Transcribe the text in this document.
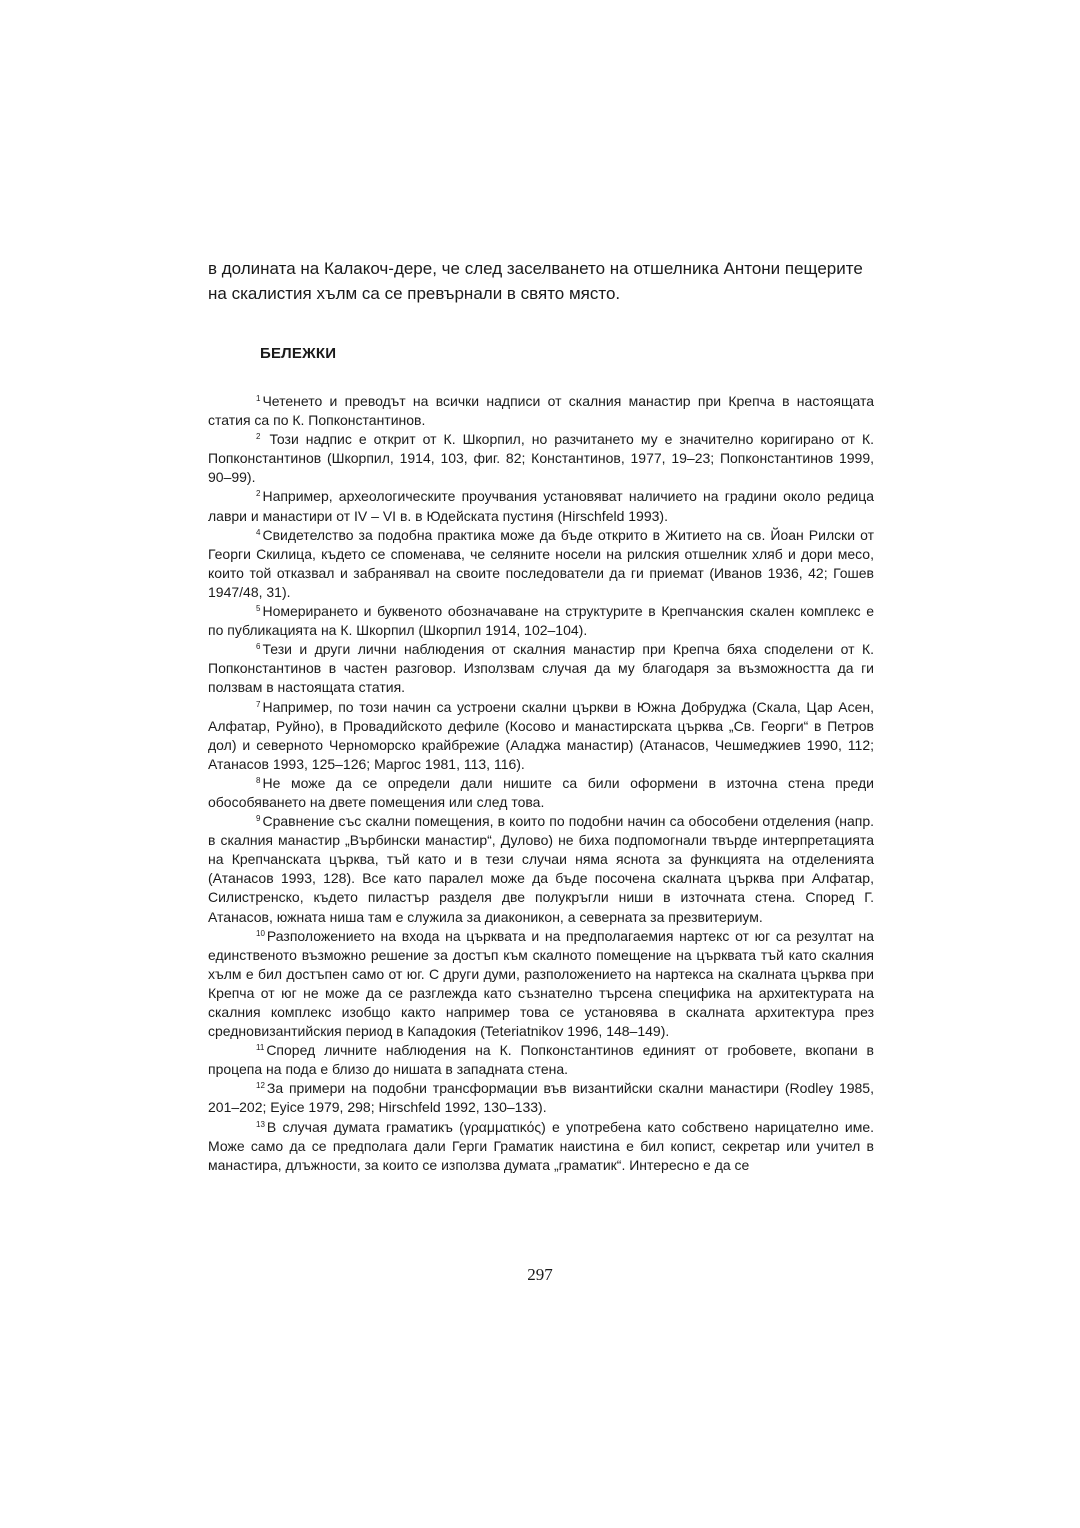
в долината на Калакоч-дере, че след заселването на отшелника Антони пещерите на скалистия хълм са се превърнали в свято място.

БЕЛЕЖКИ

$^1$ Четенето и преводът на всички надписи от скалния манастир при Крепча в настоящата статия са по К. Попконстантинов.

$^2$ Този надпис е открит от К. Шкорпил, но разчитането му е значително коригирано от К. Попконстантинов (Шкорпил, 1914, 103, фиг. 82; Константинов, 1977, 19–23; Попконстантинов 1999, 90–99).

$^2$ Например, археологическите проучвания установяват наличието на градини около редица лаври и манастири от IV – VI в. в Юдейската пустиня (Hirschfeld 1993).

$^4$ Свидетелство за подобна практика може да бъде открито в Житието на св. Йоан Рилски от Георги Скилица, където се споменава, че селяните носели на рилския отшелник хляб и дори месо, които той отказвал и забранявал на своите последователи да ги приемат (Иванов 1936, 42; Гошев 1947/48, 31).

$^5$ Номерирането и буквеното обозначаване на структурите в Крепчанския скален комплекс е по публикацията на К. Шкорпил (Шкорпил 1914, 102–104).

$^6$ Тези и други лични наблюдения от скалния манастир при Крепча бяха споделени от К. Попконстантинов в частен разговор. Използвам случая да му благодаря за възможността да ги ползвам в настоящата статия.

$^7$ Например, по този начин са устроени скални църкви в Южна Добруджа (Скала, Цар Асен, Алфатар, Руйно), в Провадийското дефиле (Косово и манастирската църква „Св. Георги“ в Петров дол) и северното Черноморско крайбрежие (Аладжа манастир) (Атанасов, Чешмеджиев 1990, 112; Атанасов 1993, 125–126; Маргос 1981, 113, 116).

$^8$ Не може да се определи дали нишите са били оформени в източна стена преди обособяването на двете помещения или след това.

$^9$ Сравнение със скални помещения, в които по подобни начин са обособени отделения (напр. в скалния манастир „Върбински манастир“, Дулово) не биха подпомогнали твърде интерпретацията на Крепчанската църква, тъй като и в тези случаи няма яснота за функцията на отделенията (Атанасов 1993, 128). Все като паралел може да бъде посочена скалната църква при Алфатар, Силистренско, където пиластър разделя две полукръгли ниши в източната стена. Според Г. Атанасов, южната ниша там е служила за диаконикон, а северната за презвитериум.

$^{10}$ Разположението на входа на църквата и на предполагаемия нартекс от юг са резултат на единственото възможно решение за достъп към скалното помещение на църквата тъй като скалния хълм е бил достъпен само от юг. С други думи, разположението на нартекса на скалната църква при Крепча от юг не може да се разглежда като съзнателно търсена специфика на архитектурата на скалния комплекс изобщо както например това се установява в скалната архитектура през средновизантийския период в Кападокия (Teteriatnikov 1996, 148–149).

$^{11}$ Според личните наблюдения на К. Попконстантинов единият от гробовете, вкопани в процепа на пода е близо до нишата в западната стена.

$^{12}$ За примери на подобни трансформации във византийски скални манастири (Rodley 1985, 201–202; Eyice 1979, 298; Hirschfeld 1992, 130–133).

$^{13}$ В случая думата граматикъ (γραμματικός) е употребена като собствено нарицателно име. Може само да се предполага дали Герги Граматик наистина е бил копист, секретар или учител в манастира, длъжности, за които се използва думата „граматик“. Интересно е да се

297
